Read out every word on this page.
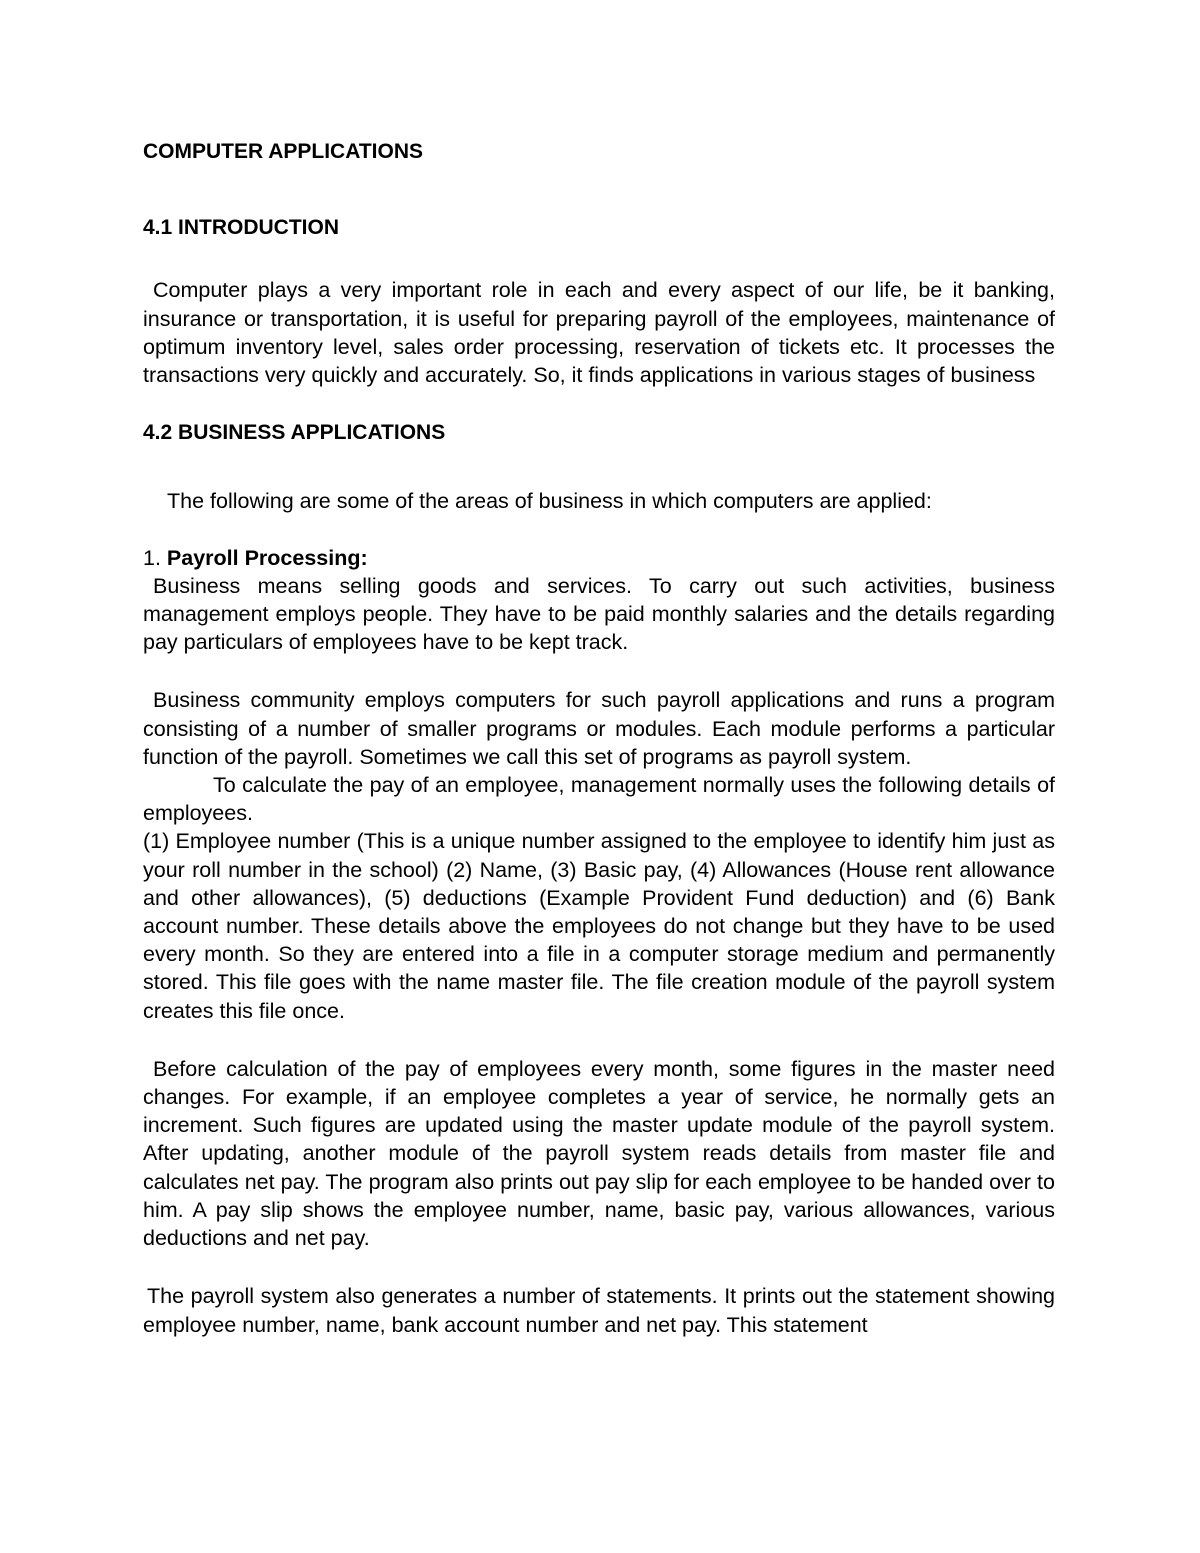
COMPUTER APPLICATIONS
4.1 INTRODUCTION

Computer plays a very important role in each and every aspect of our life, be it banking, insurance or transportation, it is useful for preparing payroll of the employees, maintenance of optimum inventory level, sales order processing, reservation of tickets etc. It processes the transactions very quickly and accurately. So, it finds applications in various stages of business

4.2 BUSINESS APPLICATIONS

The following are some of the areas of business in which computers are applied:

1. Payroll Processing:

Business means selling goods and services. To carry out such activities, business management employs people. They have to be paid monthly salaries and the details regarding pay particulars of employees have to be kept track.

Business community employs computers for such payroll applications and runs a program consisting of a number of smaller programs or modules. Each module performs a particular function of the payroll. Sometimes we call this set of programs as payroll system.

To calculate the pay of an employee, management normally uses the following details of employees.

(1) Employee number (This is a unique number assigned to the employee to identify him just as your roll number in the school) (2) Name, (3) Basic pay, (4) Allowances (House rent allowance and other allowances), (5) deductions (Example Provident Fund deduction) and (6) Bank account number. These details above the employees do not change but they have to be used every month. So they are entered into a file in a computer storage medium and permanently stored. This file goes with the name master file. The file creation module of the payroll system creates this file once.

Before calculation of the pay of employees every month, some figures in the master need changes. For example, if an employee completes a year of service, he normally gets an increment. Such figures are updated using the master update module of the payroll system. After updating, another module of the payroll system reads details from master file and calculates net pay. The program also prints out pay slip for each employee to be handed over to him. A pay slip shows the employee number, name, basic pay, various allowances, various deductions and net pay.

The payroll system also generates a number of statements. It prints out the statement showing employee number, name, bank account number and net pay. This statement
